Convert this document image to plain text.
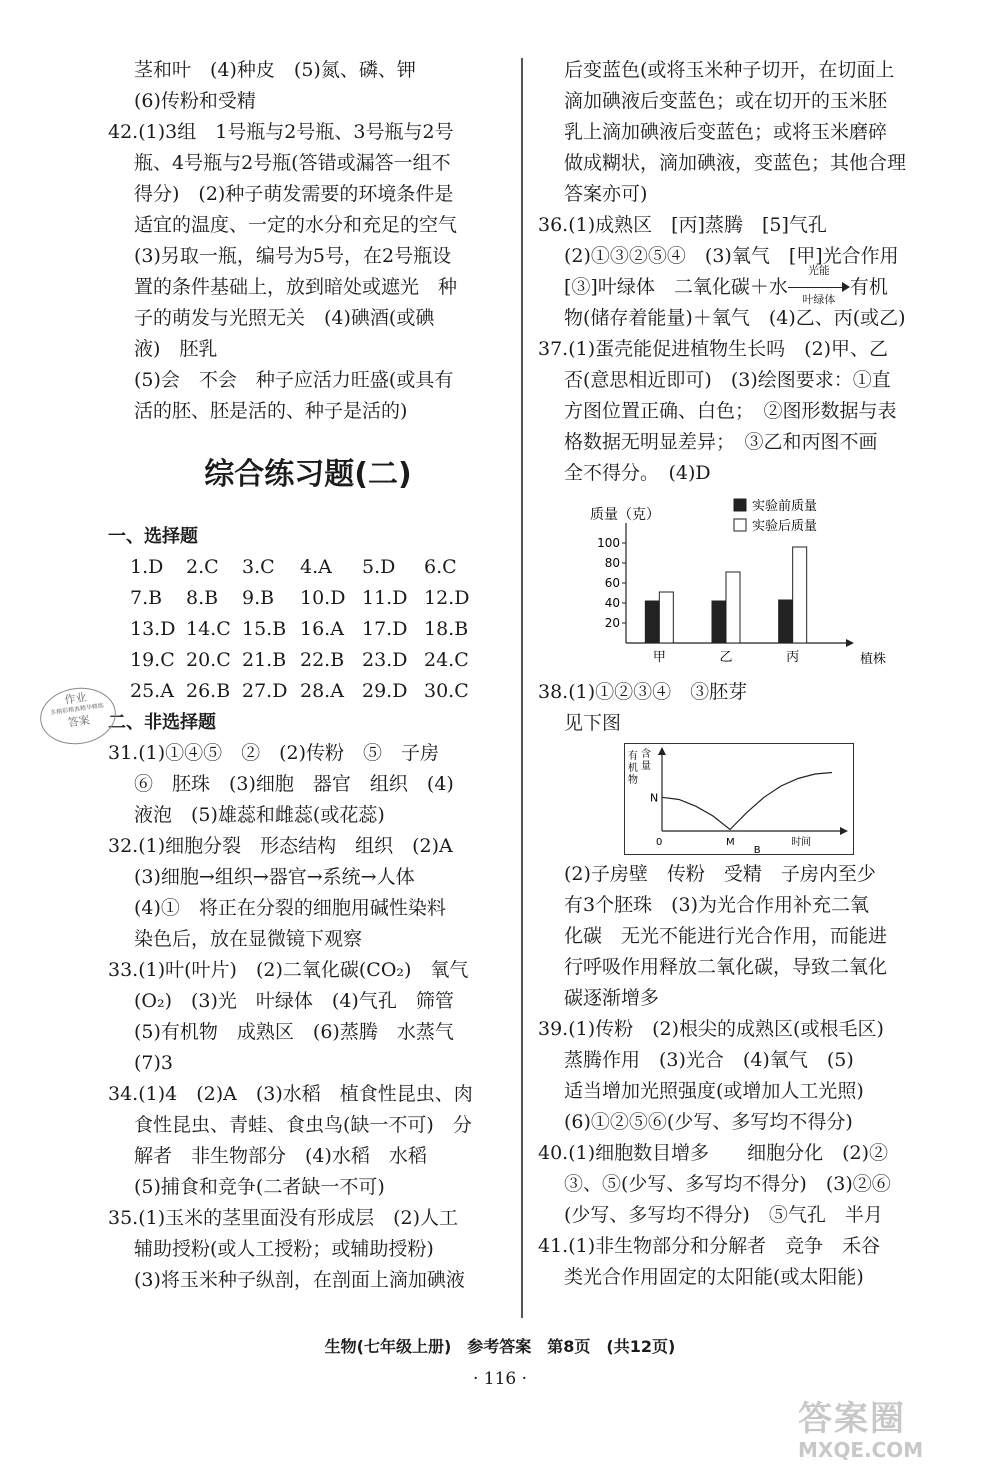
茎和叶　(4)种皮　(5)氮、磷、钾
(6)传粉和受精
42.(1)3组　1号瓶与2号瓶、3号瓶与2号
瓶、4号瓶与2号瓶(答错或漏答一组不
得分)　(2)种子萌发需要的环境条件是
适宜的温度、一定的水分和充足的空气
(3)另取一瓶，编号为5号，在2号瓶设
置的条件基础上，放到暗处或遮光　种
子的萌发与光照无关　(4)碘酒(或碘
液)　胚乳
(5)会　不会　种子应活力旺盛(或具有
活的胚、胚是活的、种子是活的)
综合练习题(二)
一、选择题
1.D	2.C	3.C	4.A	5.D	6.C
7.B	8.B	9.B	10.D 11.D 12.D
13.D 14.C 15.B 16.A 17.D 18.B
19.C 20.C 21.B 22.B 23.D 24.C
25.A 26.B 27.D 28.A 29.D 30.C
二、非选择题
31.(1)①④⑤　②　(2)传粉　⑤　子房
⑥　胚珠　(3)细胞　器官　组织　(4)
液泡　(5)雄蕊和雌蕊(或花蕊)
32.(1)细胞分裂　形态结构　组织　(2)A
(3)细胞→组织→器官→系统→人体
(4)①　将正在分裂的细胞用碱性染料
染色后，放在显微镜下观察
33.(1)叶(叶片)　(2)二氧化碳(CO₂)　氧气
(O₂)　(3)光　叶绿体　(4)气孔　筛管
(5)有机物　成熟区　(6)蒸腾　水蒸气
(7)3
34.(1)4　(2)A　(3)水稻　植食性昆虫、肉
食性昆虫、青蛙、食虫鸟(缺一不可)　分
解者　非生物部分　(4)水稻　水稻
(5)捕食和竞争(二者缺一不可)
35.(1)玉米的茎里面没有形成层　(2)人工
辅助授粉(或人工授粉；或辅助授粉)
(3)将玉米种子纵剖，在剖面上滴加碘液
作业
多精彩精准精华精练
答案
后变蓝色(或将玉米种子切开，在切面上
滴加碘液后变蓝色；或在切开的玉米胚
乳上滴加碘液后变蓝色；或将玉米磨碎
做成糊状，滴加碘液，变蓝色；其他合理
答案亦可)
36.(1)成熟区　[丙]蒸腾　[5]气孔
(2)①③②⑤④　(3)氧气　[甲]光合作用
[③]叶绿体　二氧化碳＋水
光能
叶绿体
有机
物(储存着能量)＋氧气　(4)乙、丙(或乙)
37.(1)蛋壳能促进植物生长吗　(2)甲、乙
否(意思相近即可)　(3)绘图要求：①直
方图位置正确、白色；　②图形数据与表
格数据无明显差异；　③乙和丙图不画
全不得分。　(4)D
质量（克）
20
40
60
80
100
甲	乙	丙	植株
实验前质量
实验后质量
38.(1)①②③④　③胚芽
见下图
有
机
物
含
量
N
0	M
B
时间
(2)子房壁　传粉　受精　子房内至少
有3个胚珠　(3)为光合作用补充二氧
化碳　无光不能进行光合作用，而能进
行呼吸作用释放二氧化碳，导致二氧化
碳逐渐增多
39.(1)传粉　(2)根尖的成熟区(或根毛区)
蒸腾作用　(3)光合　(4)氧气　(5)
适当增加光照强度(或增加人工光照)
(6)①②⑤⑥(少写、多写均不得分)
40.(1)细胞数目增多　　细胞分化　(2)②
③、⑤(少写、多写均不得分)　(3)②⑥
(少写、多写均不得分)　⑤气孔　半月
41.(1)非生物部分和分解者　竞争　禾谷
类光合作用固定的太阳能(或太阳能)
生物(七年级上册)　参考答案　第8页　(共12页)
· 116 ·
答案圈
MXQE.COM
